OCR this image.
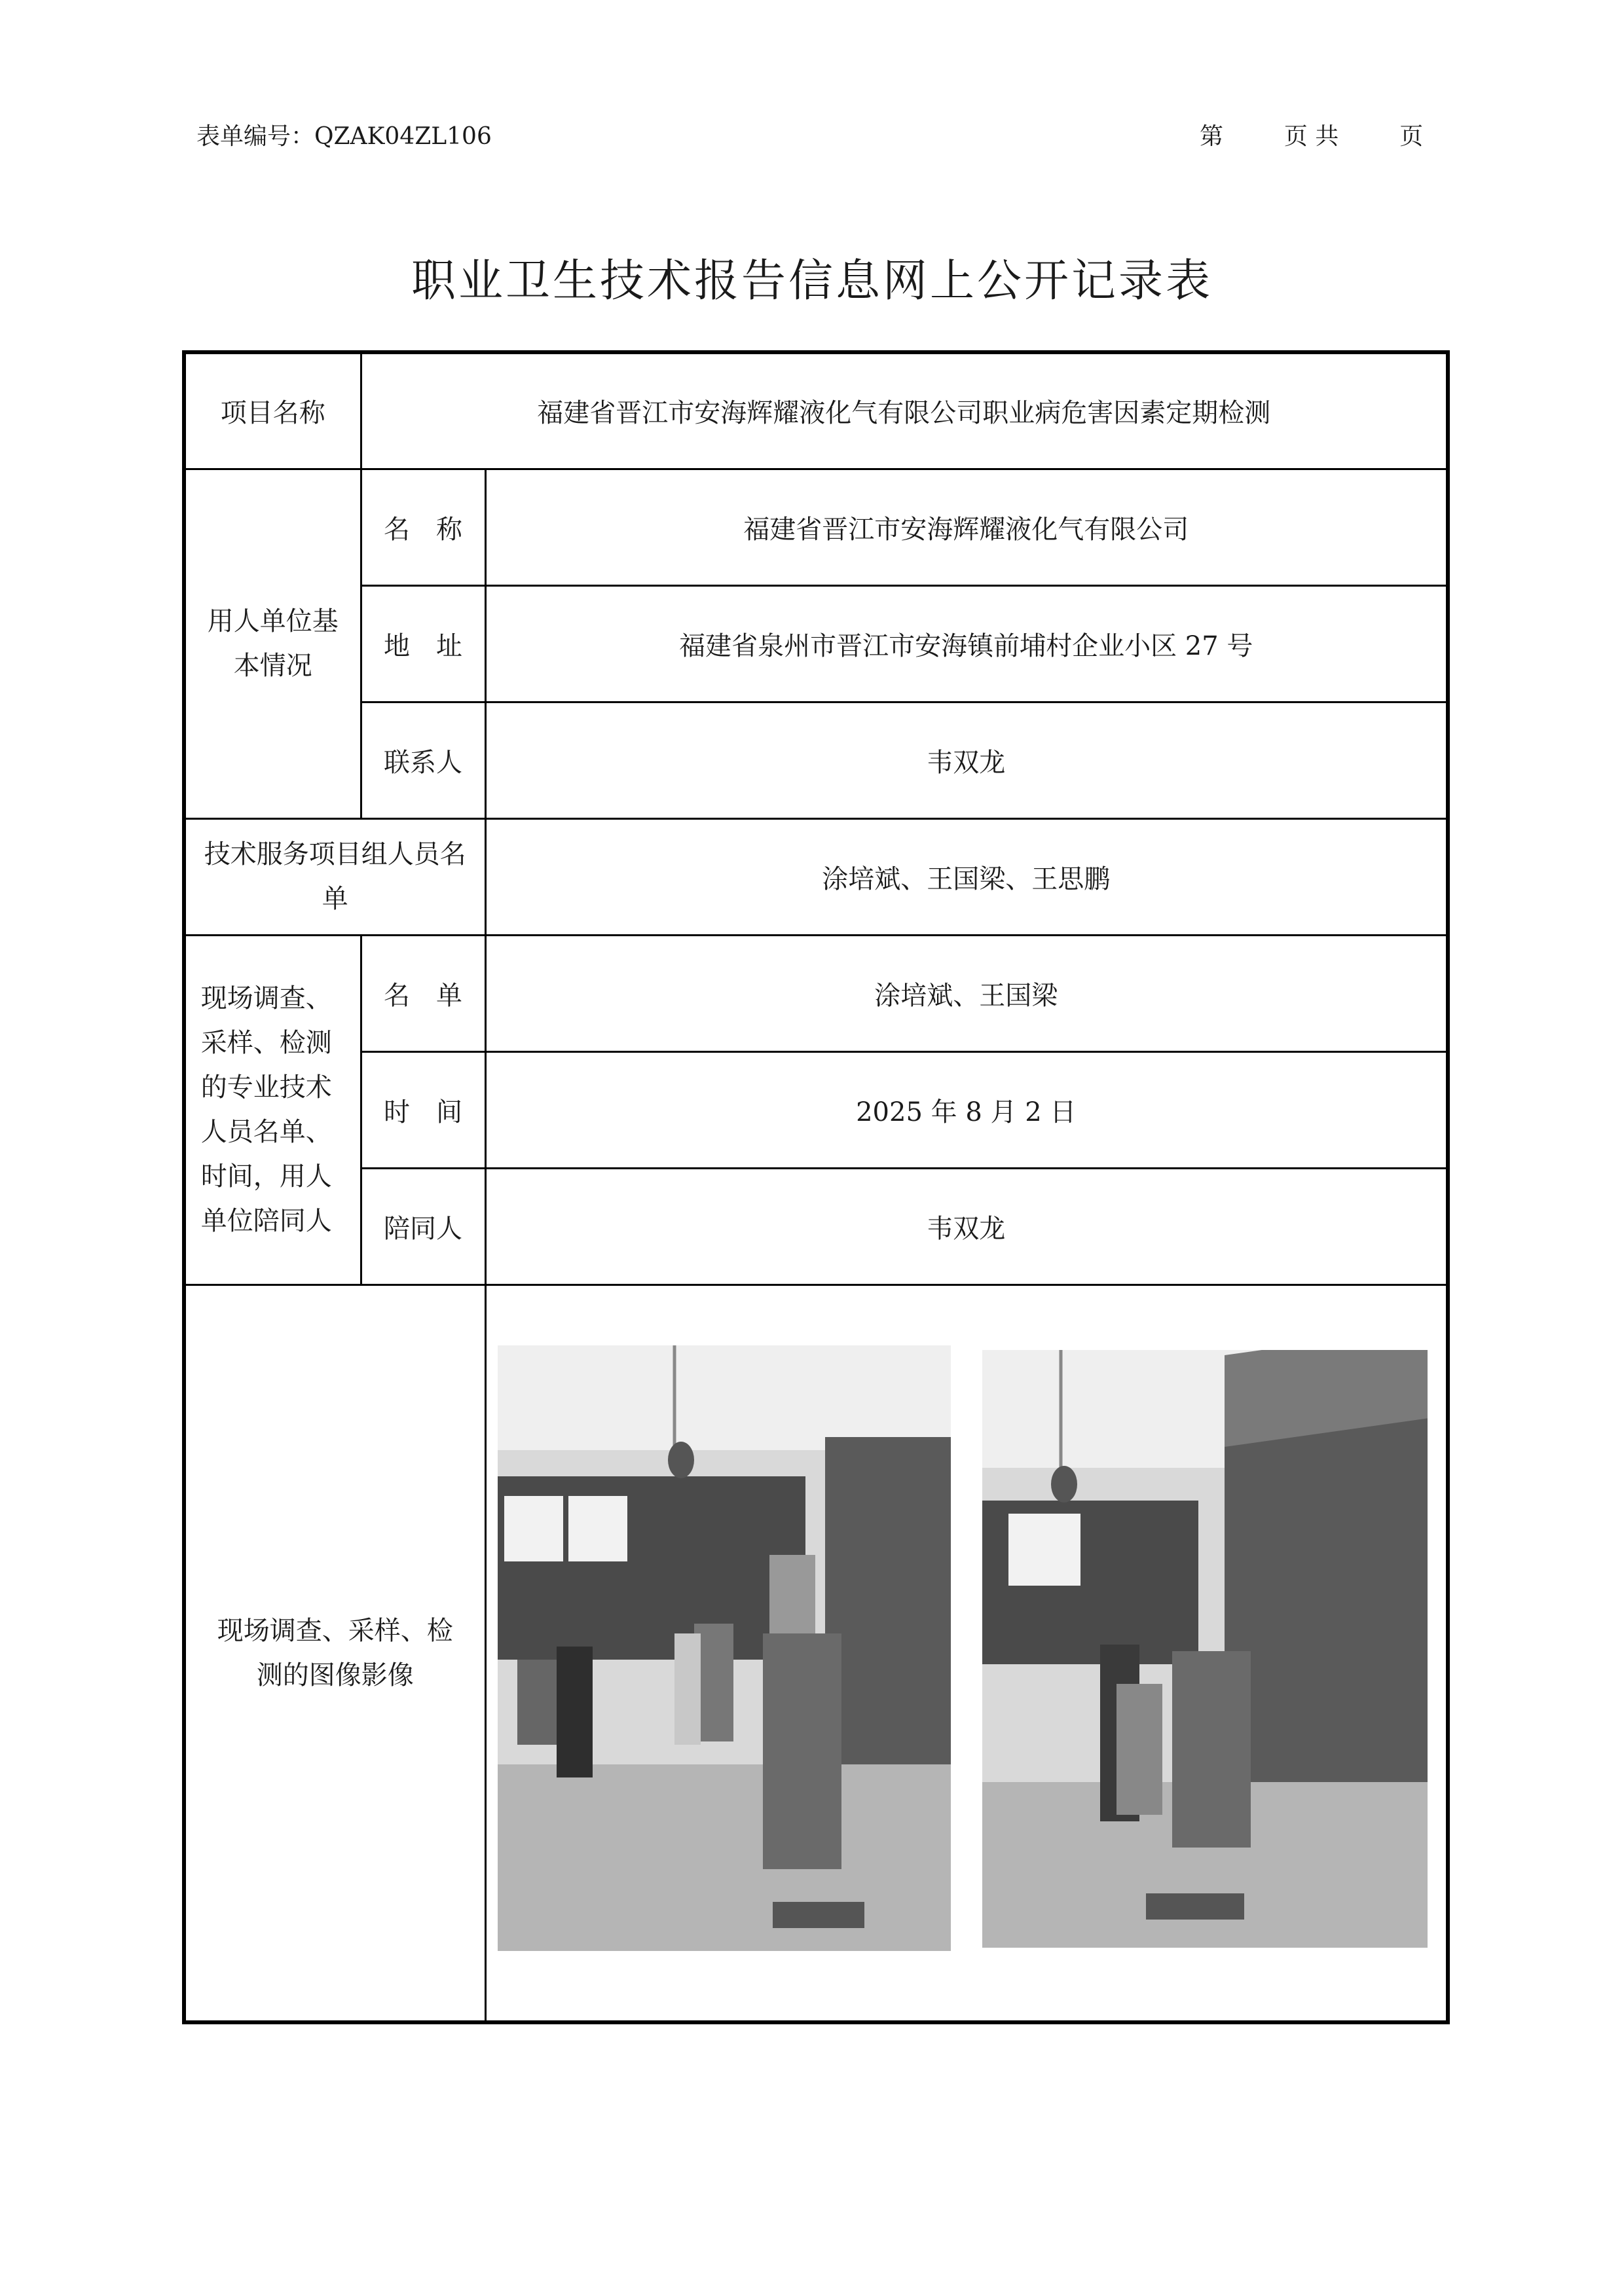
表单编号：QZAK04ZL106	第	页 共	页
职业卫生技术报告信息网上公开记录表
项目名称	福建省晋江市安海辉耀液化气有限公司职业病危害因素定期检测	

用人单位基本情况	名　称	福建省晋江市安海辉耀液化气有限公司
	地　址	福建省泉州市晋江市安海镇前埔村企业小区 27 号
	联系人	韦双龙

技术服务项目组人员名单		涂培斌、王国梁、王思鹏

现场调查、采样、检测的专业技术人员名单、时间，用人单位陪同人	名　单	涂培斌、王国梁
	时　间	2025 年 8 月 2 日
	陪同人	韦双龙

现场调查、采样、检测的图像影像		
